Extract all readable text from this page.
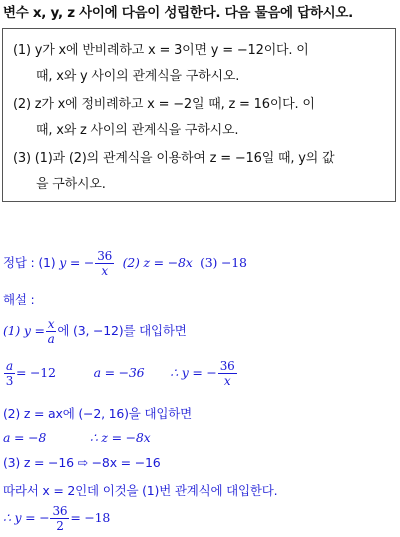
변수 x, y, z 사이에 다음이 성립한다. 다음 물음에 답하시오.
(1) y가 x에 반비례하고 x = 3이면 y = −12이다. 이
때, x와 y 사이의 관계식을 구하시오.
(2) z가 x에 정비례하고 x = −2일 때, z = 16이다. 이
때, x와 z 사이의 관계식을 구하시오.
(3) (1)과 (2)의 관계식을 이용하여 z = −16일 때, y의 값
을 구하시오.
정답 : (1) y = − $\frac{36}{x} (2) z = -8x$ (3) −18
해설 :
(1) $y = \frac{x}{a}$ 에 (3, −12)를 대입하면
$\frac{a}{3} = -12$	a = −36 ∴ y = − $\frac{36}{x}$
(2) z = ax에 (−2, 16)을 대입하면
a = −8	∴ z = −8x
(3) z = −16 ⇨ −8x = −16
따라서 x = 2인데 이것을 (1)번 관계식에 대입한다.
∴ y = − $\frac{36}{2} = -18$
